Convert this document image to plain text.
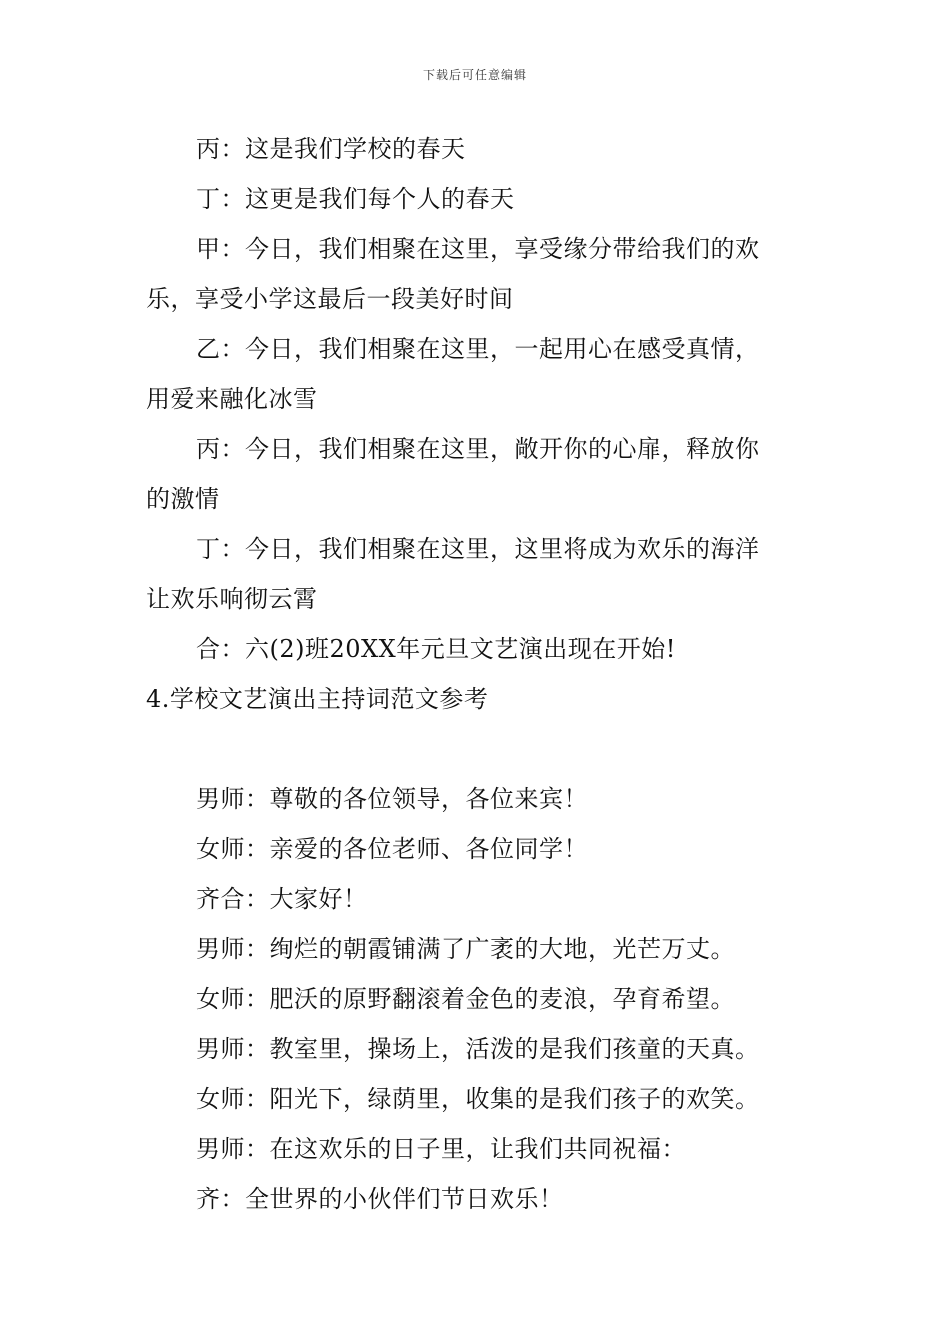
下载后可任意编辑
丙：这是我们学校的春天
丁：这更是我们每个人的春天
甲：今日，我们相聚在这里，享受缘分带给我们的欢
乐，享受小学这最后一段美好时间
乙：今日，我们相聚在这里，一起用心在感受真情，
用爱来融化冰雪
丙：今日，我们相聚在这里，敞开你的心扉，释放你
的激情
丁：今日，我们相聚在这里，这里将成为欢乐的海洋
让欢乐响彻云霄
合：六(2)班20XX年元旦文艺演出现在开始!
4.学校文艺演出主持词范文参考
男师：尊敬的各位领导，各位来宾！
女师：亲爱的各位老师、各位同学！
齐合：大家好！
男师：绚烂的朝霞铺满了广袤的大地，光芒万丈。
女师：肥沃的原野翻滚着金色的麦浪，孕育希望。
男师：教室里，操场上，活泼的是我们孩童的天真。
女师：阳光下，绿荫里，收集的是我们孩子的欢笑。
男师：在这欢乐的日子里，让我们共同祝福：
齐：全世界的小伙伴们节日欢乐！
